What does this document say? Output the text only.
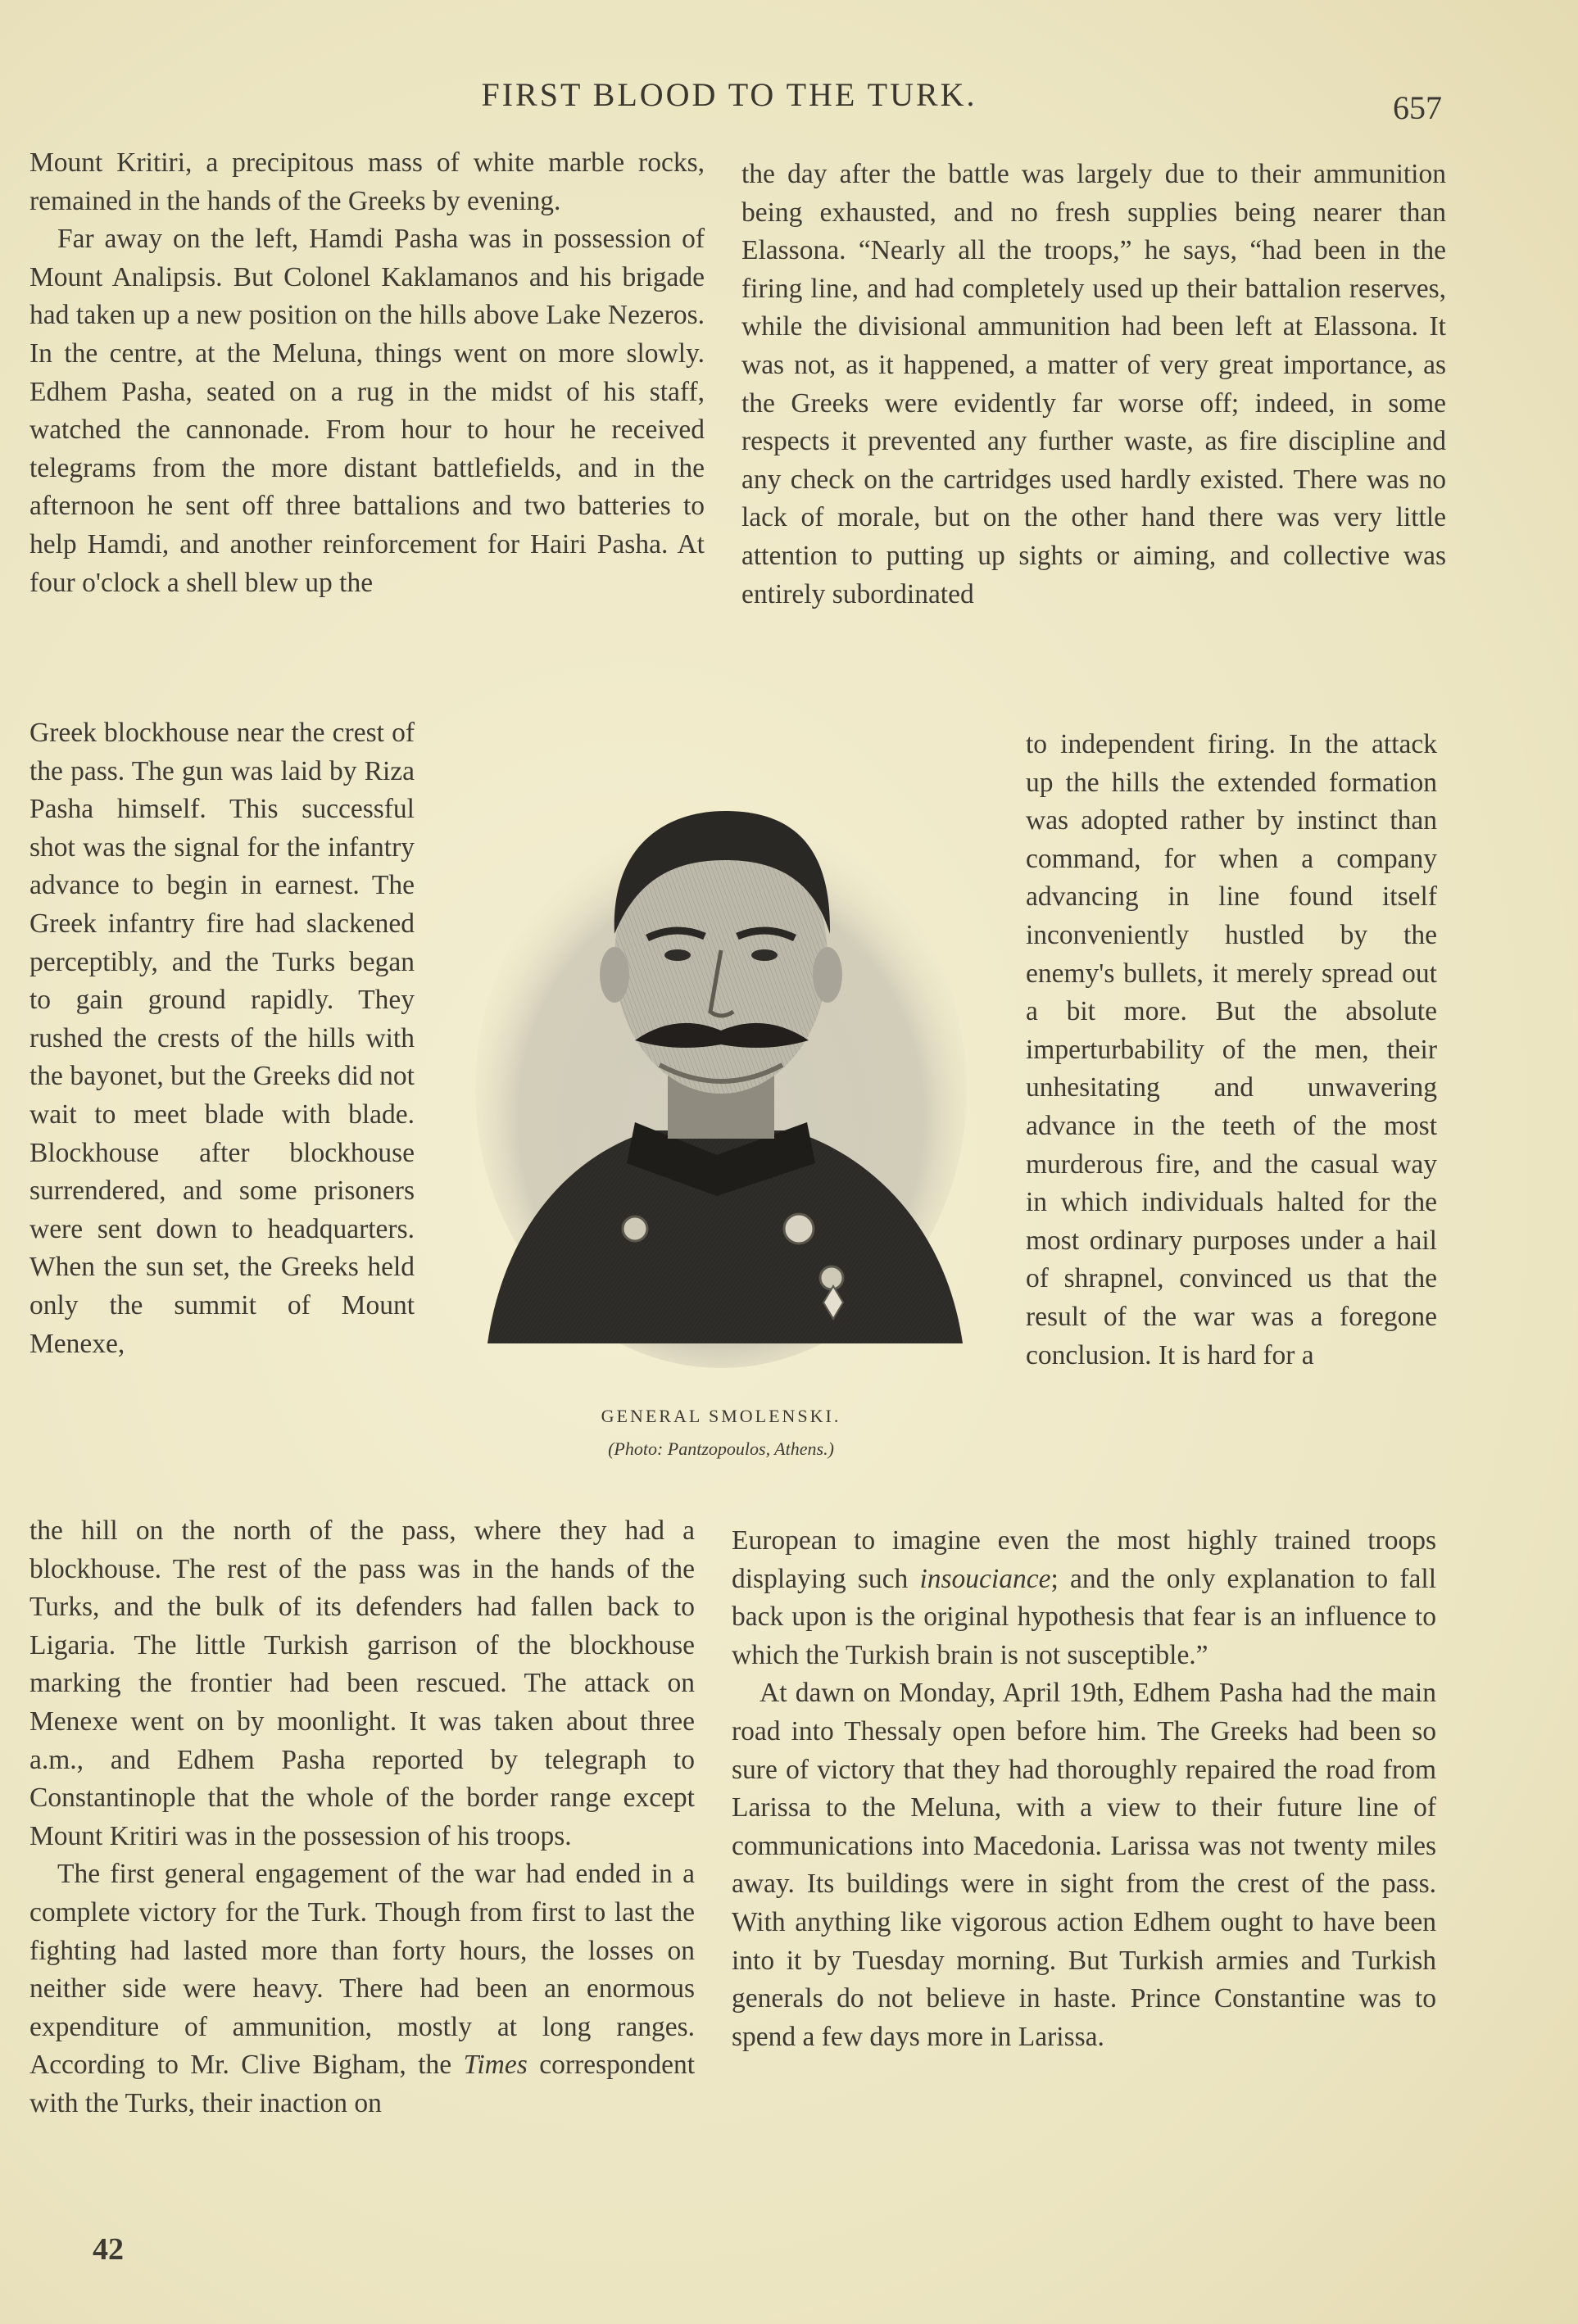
FIRST BLOOD TO THE TURK.	657

Mount Kritiri, a precipitous mass of white marble rocks, remained in the hands of the Greeks by evening.

Far away on the left, Hamdi Pasha was in possession of Mount Analipsis. But Colonel Kaklamanos and his brigade had taken up a new position on the hills above Lake Nezeros. In the centre, at the Meluna, things went on more slowly. Edhem Pasha, seated on a rug in the midst of his staff, watched the cannonade. From hour to hour he received telegrams from the more distant battlefields, and in the afternoon he sent off three battalions and two batteries to help Hamdi, and another reinforcement for Hairi Pasha. At four o'clock a shell blew up the

Greek blockhouse near the crest of the pass. The gun was laid by Riza Pasha himself. This successful shot was the signal for the infantry advance to begin in earnest. The Greek infantry fire had slackened perceptibly, and the Turks began to gain ground rapidly. They rushed the crests of the hills with the bayonet, but the Greeks did not wait to meet blade with blade. Blockhouse after blockhouse surrendered, and some prisoners were sent down to headquarters. When the sun set, the Greeks held only the summit of Mount Menexe,

the hill on the north of the pass, where they had a blockhouse. The rest of the pass was in the hands of the Turks, and the bulk of its defenders had fallen back to Ligaria. The little Turkish garrison of the blockhouse marking the frontier had been rescued. The attack on Menexe went on by moonlight. It was taken about three a.m., and Edhem Pasha reported by telegraph to Constantinople that the whole of the border range except Mount Kritiri was in the possession of his troops.

The first general engagement of the war had ended in a complete victory for the Turk. Though from first to last the fighting had lasted more than forty hours, the losses on neither side were heavy. There had been an enormous expenditure of ammunition, mostly at long ranges. According to Mr. Clive Bigham, the Times correspondent with the Turks, their inaction on

the day after the battle was largely due to their ammunition being exhausted, and no fresh supplies being nearer than Elassona. “Nearly all the troops,” he says, “had been in the firing line, and had completely used up their battalion reserves, while the divisional ammunition had been left at Elassona. It was not, as it happened, a matter of very great importance, as the Greeks were evidently far worse off; indeed, in some respects it prevented any further waste, as fire discipline and any check on the cartridges used hardly existed. There was no lack of morale, but on the other hand there was very little attention to putting up sights or aiming, and collective was entirely subordinated

to independent firing. In the attack up the hills the extended formation was adopted rather by instinct than command, for when a company advancing in line found itself inconveniently hustled by the enemy's bullets, it merely spread out a bit more. But the absolute imperturbability of the men, their unhesitating and unwavering advance in the teeth of the most murderous fire, and the casual way in which individuals halted for the most ordinary purposes under a hail of shrapnel, convinced us that the result of the war was a foregone conclusion. It is hard for a

European to imagine even the most highly trained troops displaying such insouciance; and the only explanation to fall back upon is the original hypothesis that fear is an influence to which the Turkish brain is not susceptible.”

At dawn on Monday, April 19th, Edhem Pasha had the main road into Thessaly open before him. The Greeks had been so sure of victory that they had thoroughly repaired the road from Larissa to the Meluna, with a view to their future line of communications into Macedonia. Larissa was not twenty miles away. Its buildings were in sight from the crest of the pass. With anything like vigorous action Edhem ought to have been into it by Tuesday morning. But Turkish armies and Turkish generals do not believe in haste. Prince Constantine was to spend a few days more in Larissa.

GENERAL SMOLENSKI.
(Photo: Pantzopoulos, Athens.)
42
